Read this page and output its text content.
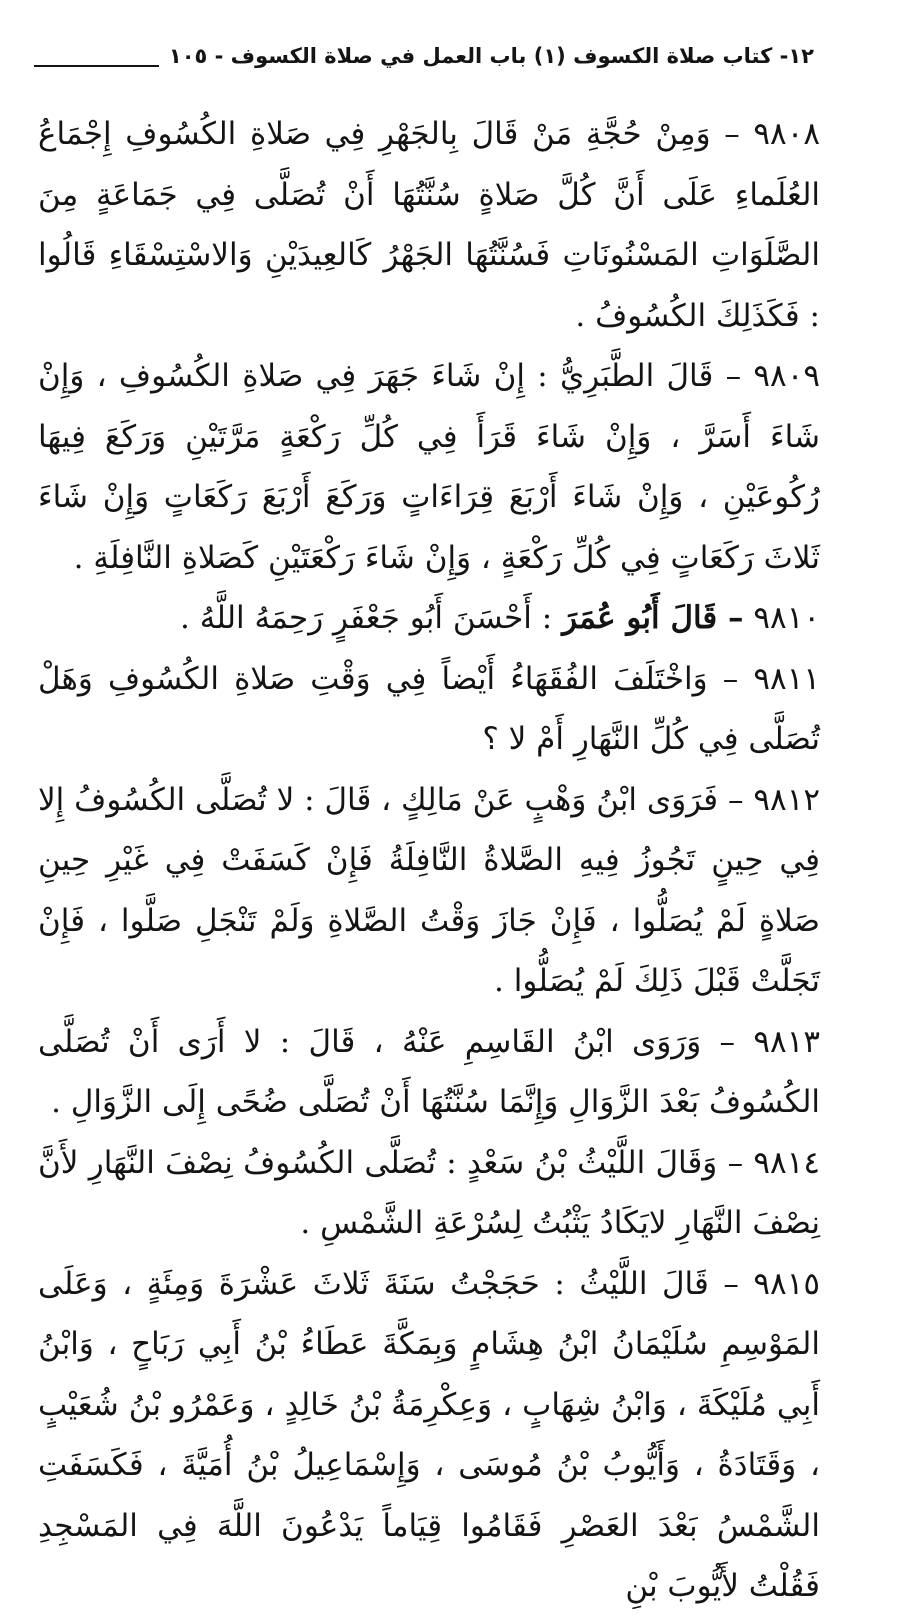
١٢- كتاب صلاة الكسوف (١) باب العمل في صلاة الكسوف - ١٠٥

٩٨٠٨ – وَمِنْ حُجَّةِ مَنْ قَالَ بِالجَهْرِ فِي صَلاةِ الكُسُوفِ إِجْمَاعُ العُلَماءِ عَلَى أَنَّ كُلَّ صَلاةٍ سُنَّتُهَا أَنْ تُصَلَّى فِي جَمَاعَةٍ مِنَ الصَّلَوَاتِ المَسْنُونَاتِ فَسُنَّتُهَا الجَهْرُ كَالعِيدَيْنِ وَالاسْتِسْقَاءِ قَالُوا : فَكَذَلِكَ الكُسُوفُ .

٩٨٠٩ – قَالَ الطَّبَرِيُّ : إِنْ شَاءَ جَهَرَ فِي صَلاةِ الكُسُوفِ ، وَإِنْ شَاءَ أَسَرَّ ، وَإِنْ شَاءَ قَرَأَ فِي كُلِّ رَكْعَةٍ مَرَّتَيْنِ وَرَكَعَ فِيهَا رُكُوعَيْنِ ، وَإِنْ شَاءَ أَرْبَعَ قِرَاءَاتٍ وَرَكَعَ أَرْبَعَ رَكَعَاتٍ وَإِنْ شَاءَ ثَلاثَ رَكَعَاتٍ فِي كُلِّ رَكْعَةٍ ، وَإِنْ شَاءَ رَكْعَتَيْنِ كَصَلاةِ النَّافِلَةِ .

٩٨١٠ – قَالَ أَبُو عُمَرَ : أَحْسَنَ أَبُو جَعْفَرٍ رَحِمَهُ اللَّهُ .

٩٨١١ – وَاخْتَلَفَ الفُقَهَاءُ أَيْضاً فِي وَقْتِ صَلاةِ الكُسُوفِ وَهَلْ تُصَلَّى فِي كُلِّ النَّهَارِ أَمْ لا ؟

٩٨١٢ – فَرَوَى ابْنُ وَهْبٍ عَنْ مَالِكٍ ، قَالَ : لا تُصَلَّى الكُسُوفُ إِلا فِي حِينٍ تَجُوزُ فِيهِ الصَّلاةُ النَّافِلَةُ فَإِنْ كَسَفَتْ فِي غَيْرِ حِينِ صَلاةٍ لَمْ يُصَلُّوا ، فَإِنْ جَازَ وَقْتُ الصَّلاةِ وَلَمْ تَنْجَلِ صَلَّوا ، فَإِنْ تَجَلَّتْ قَبْلَ ذَلِكَ لَمْ يُصَلُّوا .

٩٨١٣ – وَرَوَى ابْنُ القَاسِمِ عَنْهُ ، قَالَ : لا أَرَى أَنْ تُصَلَّى الكُسُوفُ بَعْدَ الزَّوَالِ وَإِنَّمَا سُنَّتُهَا أَنْ تُصَلَّى ضُحًى إِلَى الزَّوَالِ .

٩٨١٤ – وَقَالَ اللَّيْثُ بْنُ سَعْدٍ : تُصَلَّى الكُسُوفُ نِصْفَ النَّهَارِ لأَنَّ نِصْفَ النَّهَارِ لايَكَادُ يَثْبُتُ لِسُرْعَةِ الشَّمْسِ .

٩٨١٥ – قَالَ اللَّيْثُ : حَجَجْتُ سَنَةَ ثَلاثَ عَشْرَةَ وَمِئَةٍ ، وَعَلَى المَوْسِمِ سُلَيْمَانُ ابْنُ هِشَامٍ وَبِمَكَّةَ عَطَاءُ بْنُ أَبِي رَبَاحٍ ، وَابْنُ أَبِي مُلَيْكَةَ ، وَابْنُ شِهَابٍ ، وَعِكْرِمَةُ بْنُ خَالِدٍ ، وَعَمْرُو بْنُ شُعَيْبٍ ، وَقَتَادَةُ ، وَأَيُّوبُ بْنُ مُوسَى ، وَإِسْمَاعِيلُ بْنُ أُمَيَّةَ ، فَكَسَفَتِ الشَّمْسُ بَعْدَ العَصْرِ فَقَامُوا قِيَاماً يَدْعُونَ اللَّهَ فِي المَسْجِدِ فَقُلْتُ لأَيُّوبَ بْنِ
